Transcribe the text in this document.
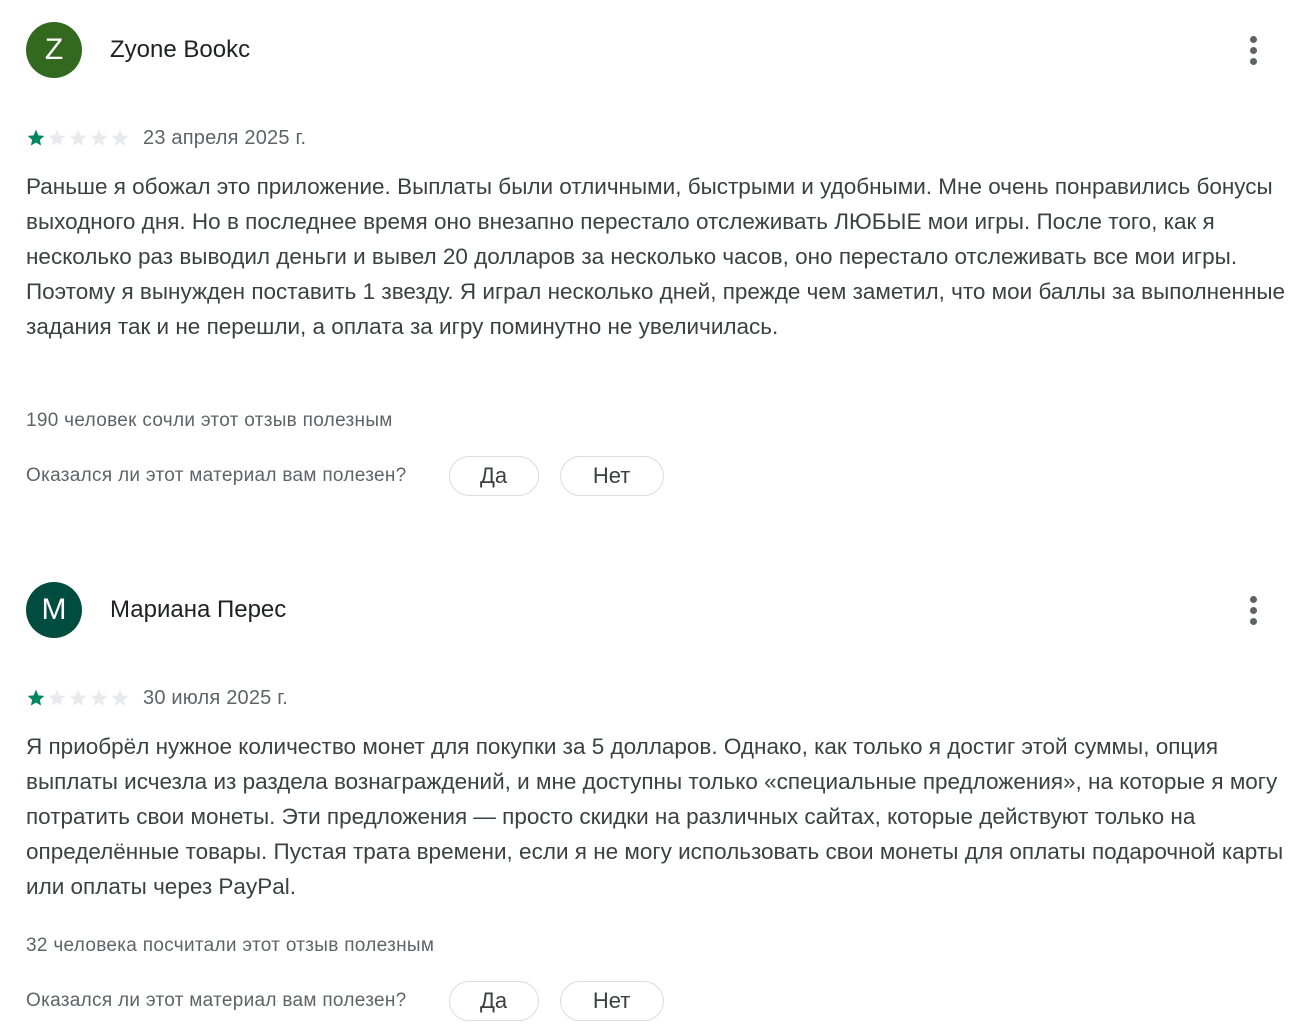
Z	Zyone Bookc
23 апреля 2025 г.

Раньше я обожал это приложение. Выплаты были отличными, быстрыми и удобными. Мне очень понравились бонусы выходного дня. Но в последнее время оно внезапно перестало отслеживать ЛЮБЫЕ мои игры. После того, как я несколько раз выводил деньги и вывел 20 долларов за несколько часов, оно перестало отслеживать все мои игры. Поэтому я вынужден поставить 1 звезду. Я играл несколько дней, прежде чем заметил, что мои баллы за выполненные задания так и не перешли, а оплата за игру поминутно не увеличилась.

190 человек сочли этот отзыв полезным
Оказался ли этот материал вам полезен?	Да	Нет
M	Мариана Перес
30 июля 2025 г.

Я приобрёл нужное количество монет для покупки за 5 долларов. Однако, как только я достиг этой суммы, опция выплаты исчезла из раздела вознаграждений, и мне доступны только «специальные предложения», на которые я могу потратить свои монеты. Эти предложения — просто скидки на различных сайтах, которые действуют только на определённые товары. Пустая трата времени, если я не могу использовать свои монеты для оплаты подарочной карты или оплаты через PayPal.

32 человека посчитали этот отзыв полезным
Оказался ли этот материал вам полезен?	Да	Нет
